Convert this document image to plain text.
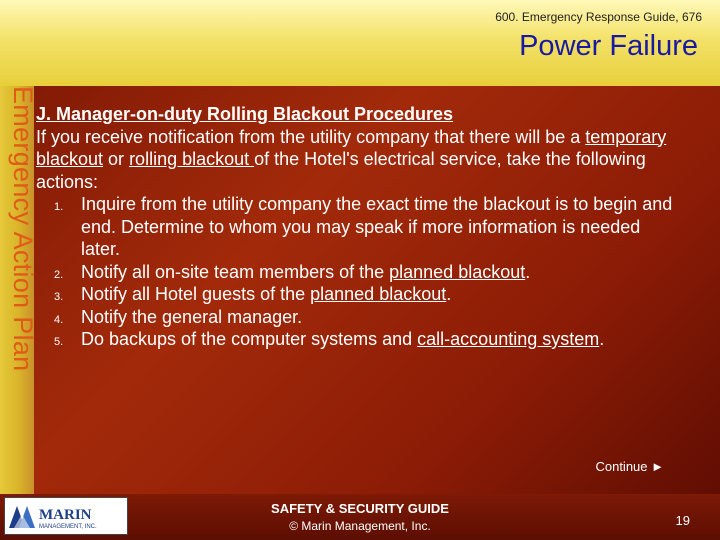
600. Emergency Response Guide, 676
Power Failure
Emergency Action Plan

J. Manager-on-duty Rolling Blackout Procedures

If you receive notification from the utility company that there will be a temporary blackout or rolling blackout of the Hotel's electrical service, take the following actions:

1. Inquire from the utility company the exact time the blackout is to begin and end. Determine to whom you may speak if more information is needed later.
2. Notify all on-site team members of the planned blackout.
3. Notify all Hotel guests of the planned blackout.
4. Notify the general manager.
5. Do backups of the computer systems and call-accounting system.
Continue ►
MARIN
MANAGEMENT, INC.
SAFETY & SECURITY GUIDE
© Marin Management, Inc.	19
